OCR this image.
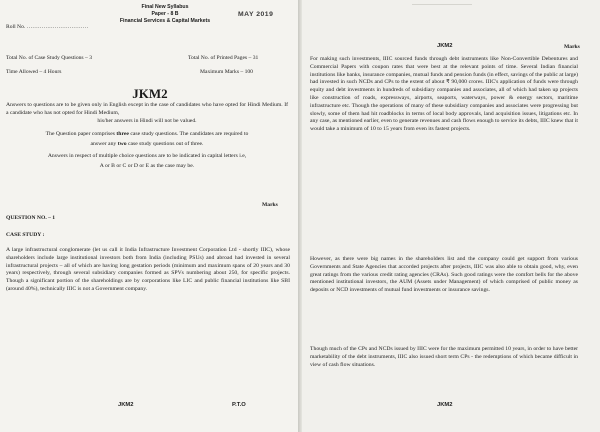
Final New Syllabus
Paper - 8 B
Financial Services & Capital Markets
MAY 2019
Roll No. ……………………………
Total No. of Case Study Questions – 3	Total No. of Printed Pages – 31
Time Allowed – 4 Hours	Maximum Marks – 100
JKM2
Answers to questions are to be given only in English except in the case of candidates who have opted for Hindi Medium. If a candidate who has not opted for Hindi Medium,
his/her answers in Hindi will not be valued.
The Question paper comprises three case study questions. The candidates are required to
answer any two case study questions out of three.
Answers in respect of multiple choice questions are to be indicated in capital letters i.e,
A or B or C or D or E as the case may be.
Marks
QUESTION NO. – 1
CASE STUDY :
A large infrastructural conglomerate (let us call it India Infrastructure Investment Corporation Ltd - shortly IIIC), whose shareholders include large institutional investors both from India (including PSUs) and abroad had invested in several infrastructural projects – all of which are having long gestation periods (minimum and maximum spans of 20 years and 30 years) respectively, through several subsidiary companies formed as SPVs numbering about 250, for specific projects. Though a significant portion of the shareholdings are by corporations like LIC and public financial institutions like SBI (around 40%), technically IIIC is not a Government company.
JKM2	P.T.O
JKM2	Marks
For making such investments, IIIC sourced funds through debt instruments like Non-Convertible Debentures and Commercial Papers with coupon rates that were best at the relevant points of time. Several Indian financial institutions like banks, insurance companies, mutual funds and pension funds (in effect, savings of the public at large) had invested in such NCDs and CPs to the extent of about ₹ 90,000 crores. IIIC's application of funds were through equity and debt investments in hundreds of subsidiary companies and associates, all of which had taken up projects like construction of roads, expressways, airports, seaports, waterways, power & energy sectors, maritime infrastructure etc. Though the operations of many of these subsidiary companies and associates were progressing but slowly, some of them had hit roadblocks in terms of local body approvals, land acquisition issues, litigations etc. In any case, as mentioned earlier, even to generate revenues and cash flows enough to service its debts, IIIC knew that it would take a minimum of 10 to 15 years from even its fastest projects.
However, as there were big names in the shareholders list and the company could get support from various Governments and State Agencies that accorded projects after projects, IIIC was also able to obtain good, why, even great ratings from the various credit rating agencies (CRAs). Such good ratings were the comfort bells for the above mentioned institutional investors, the AUM (Assets under Management) of which comprised of public money as deposits or NCD investments of mutual fund investments or insurance savings.
Though much of the CPs and NCDs issued by IIIC were for the maximum permitted 10 years, in order to have better marketability of the debt instruments, IIIC also issued short term CPs - the redemptions of which became difficult in view of cash flow situations.
JKM2
